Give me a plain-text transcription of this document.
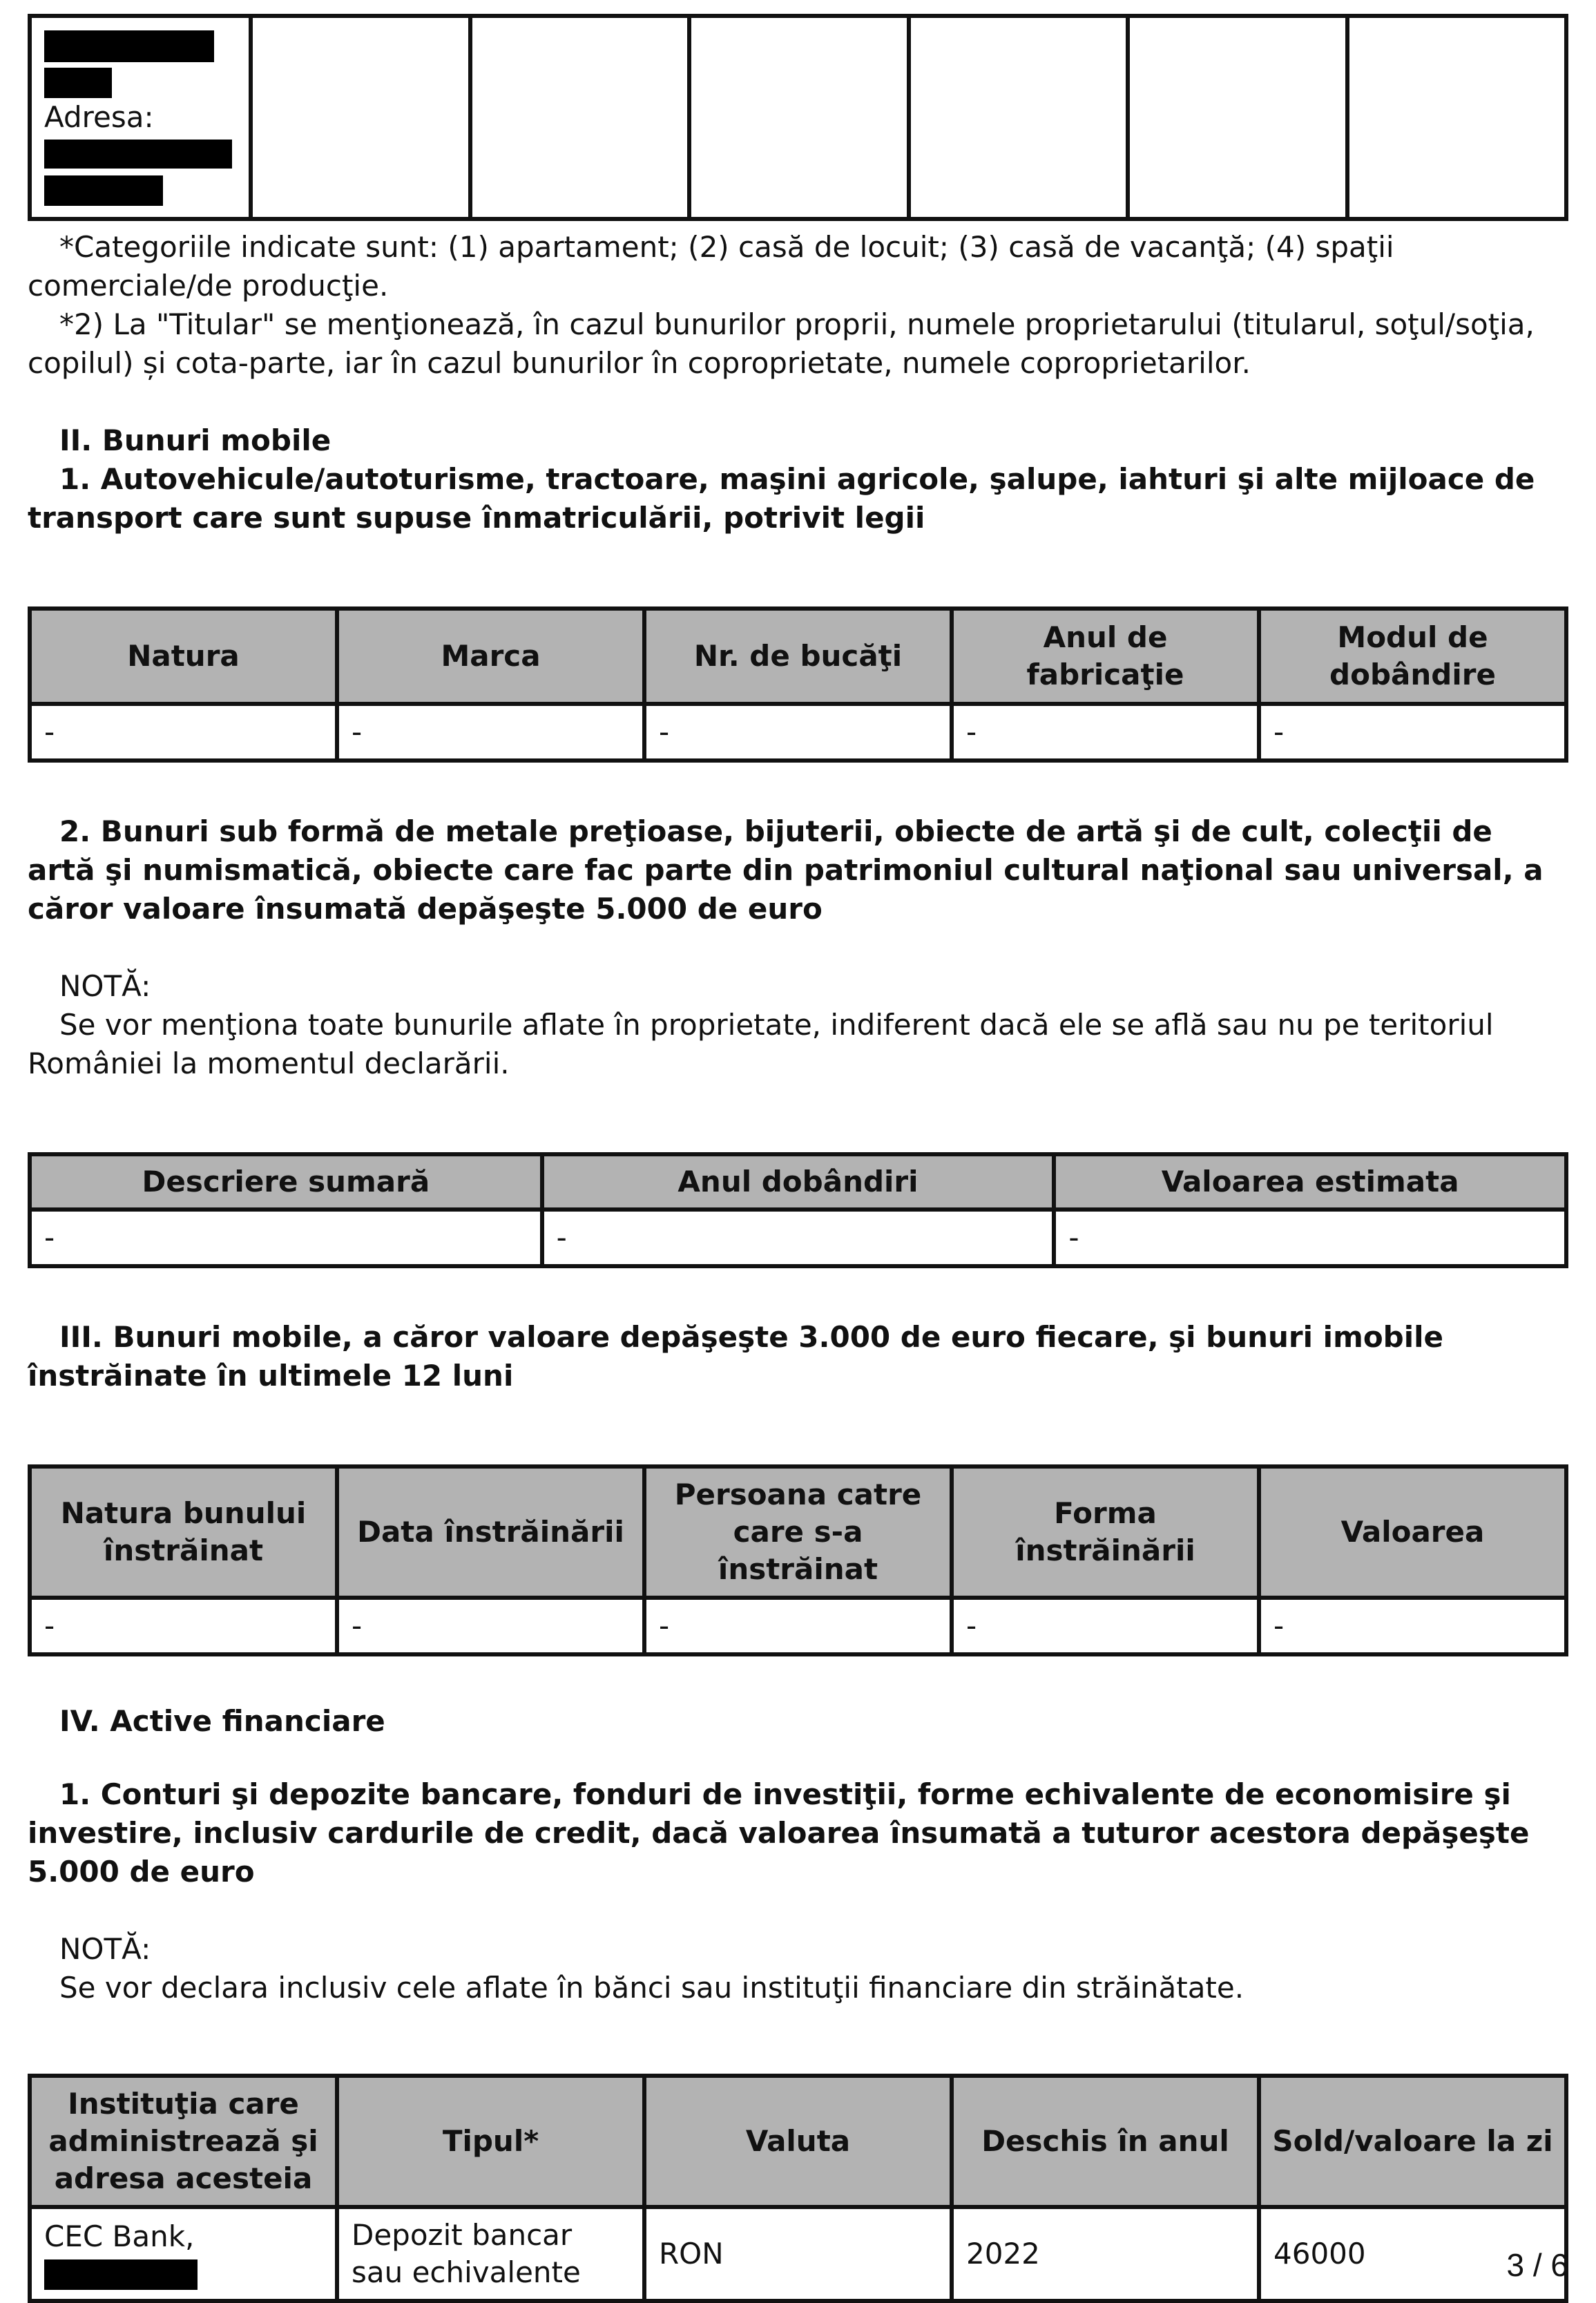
Adresa:

*Categoriile indicate sunt: (1) apartament; (2) casă de locuit; (3) casă de vacanţă; (4) spaţii comerciale/de producţie.

*2) La "Titular" se menţionează, în cazul bunurilor proprii, numele proprietarului (titularul, soţul/soţia, copilul) și cota-parte, iar în cazul bunurilor în coproprietate, numele coproprietarilor.

II. Bunuri mobile

1. Autovehicule/autoturisme, tractoare, maşini agricole, şalupe, iahturi şi alte mijloace de transport care sunt supuse înmatriculării, potrivit legii

Natura	Marca	Nr. de bucăţi	Anul de fabricaţie	Modul de dobândire
-	-	-	-	-

2. Bunuri sub formă de metale preţioase, bijuterii, obiecte de artă şi de cult, colecţii de artă şi numismatică, obiecte care fac parte din patrimoniul cultural naţional sau universal, a căror valoare însumată depăşeşte 5.000 de euro

NOTĂ:

Se vor menţiona toate bunurile aflate în proprietate, indiferent dacă ele se află sau nu pe teritoriul României la momentul declarării.

Descriere sumară	Anul dobândiri	Valoarea estimata
-	-	-

III. Bunuri mobile, a căror valoare depăşeşte 3.000 de euro fiecare, şi bunuri imobile înstrăinate în ultimele 12 luni

Natura bunului înstrăinat	Data înstrăinării	Persoana catre care s-a înstrăinat	Forma înstrăinării	Valoarea
-	-	-	-	-

IV. Active financiare

1. Conturi şi depozite bancare, fonduri de investiţii, forme echivalente de economisire şi investire, inclusiv cardurile de credit, dacă valoarea însumată a tuturor acestora depăşeşte 5.000 de euro

NOTĂ:

Se vor declara inclusiv cele aflate în bănci sau instituţii financiare din străinătate.

Instituţia care administrează şi adresa acesteia	Tipul*	Valuta	Deschis în anul	Sold/valoare la zi

CEC Bank,	Depozit bancar sau echivalente	RON	2022	46000	3 / 6
